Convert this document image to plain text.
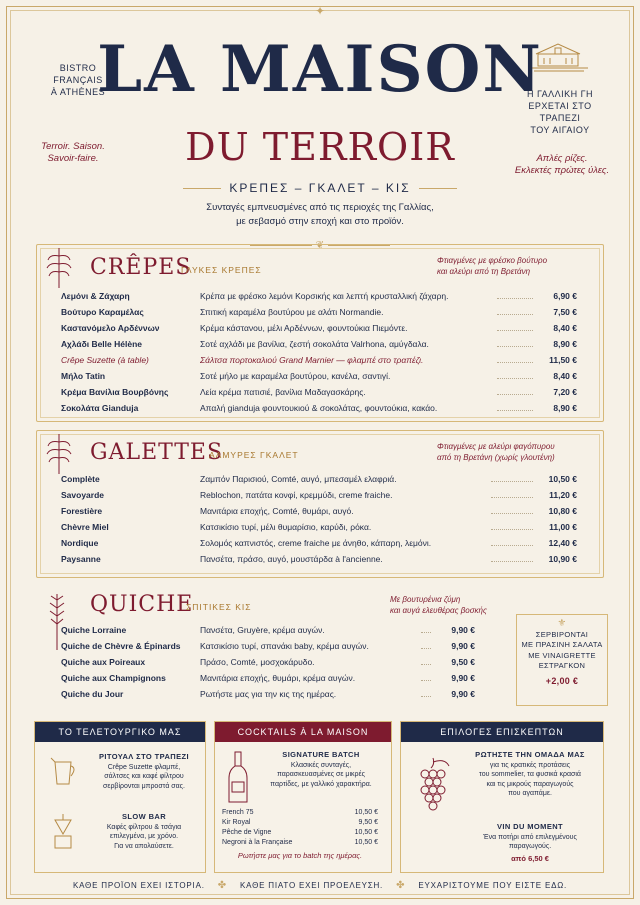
✦
BISTRO
FRANÇAIS
À ATHÈNES
Terroir. Saison.
Savoir-faire.
Η ΓΑΛΛΙΚΗ ΓΗ
ΕΡΧΕΤΑΙ ΣΤΟ ΤΡΑΠΕΖΙ
ΤΟΥ ΑΙΓΑΙΟΥ
Απλές ρίζες.
Εκλεκτές πρώτες ύλες.
LA MAISON
DU TERROIR
ΚΡΕΠΕΣ – ΓΚΑΛΕΤ – ΚΙΣ
Συνταγές εμπνευσμένες από τις περιοχές της Γαλλίας,
με σεβασμό στην εποχή και στο προϊόν.
❦
CRÊPES
ΓΛΥΚΕΣ ΚΡΕΠΕΣ
Φτιαγμένες με φρέσκο βούτυρο
και αλεύρι από τη Βρετάνη
Λεμόνι & Ζάχαρη	Κρέπα με φρέσκο λεμόνι Κορσικής και λεπτή κρυσταλλική ζάχαρη.	6,90 €
Βούτυρο Καραμέλας	Σπιτική καραμέλα βουτύρου με αλάτι Normandie.	7,50 €
Καστανόμελο Αρδέννων	Κρέμα κάστανου, μέλι Αρδέννων, φουντούκια Πιεμόντε.	8,40 €
Αχλάδι Belle Hélène	Σοτέ αχλάδι με βανίλια, ζεστή σοκολάτα Valrhona, αμύγδαλα.	8,90 €
Crêpe Suzette (à table)	Σάλτσα πορτοκαλιού Grand Marnier — φλαμπέ στο τραπέζι.	11,50 €
Μήλο Tatin	Σοτέ μήλο με καραμέλα βουτύρου, κανέλα, σαντιγί.	8,40 €
Κρέμα Βανίλια Βουρβόνης	Λεία κρέμα πατισιέ, βανίλια Μαδαγασκάρης.	7,20 €
Σοκολάτα Gianduja	Απαλή gianduja φουντουκιού & σοκολάτας, φουντούκια, κακάο.	8,90 €
GALETTES
ΑΛΜΥΡΕΣ ΓΚΑΛΕΤ
Φτιαγμένες με αλεύρι φαγόπυρου
από τη Βρετάνη (χωρίς γλουτένη)
Complète	Ζαμπόν Παρισιού, Comté, αυγό, μπεσαμέλ ελαφριά.	10,50 €
Savoyarde	Reblochon, πατάτα κονφί, κρεμμύδι, creme fraiche.	11,20 €
Forestière	Μανιτάρια εποχής, Comté, θυμάρι, αυγό.	10,80 €
Chèvre Miel	Κατσικίσιο τυρί, μέλι θυμαρίσιο, καρύδι, ρόκα.	11,00 €
Nordique	Σολομός καπνιστός, creme fraiche με άνηθο, κάπαρη, λεμόνι.	12,40 €
Paysanne	Πανσέτα, πράσο, αυγό, μουστάρδα à l'ancienne.	10,90 €
QUICHE
ΣΠΙΤΙΚΕΣ ΚΙΣ
Με βουτυρένια ζύμη
και αυγά ελευθέρας βοσκής
Quiche Lorraine	Πανσέτα, Gruyère, κρέμα αυγών.	9,90 €
Quiche de Chèvre & Épinards Κατσικίσιο τυρί, σπανάκι baby, κρέμα αυγών.	9,90 €
Quiche aux Poireaux	Πράσο, Comté, μοσχοκάρυδο.	9,50 €
Quiche aux Champignons	Μανιτάρια εποχής, θυμάρι, κρέμα αυγών.	9,90 €
Quiche du Jour	Ρωτήστε μας για την κις της ημέρας.	9,90 €
⚜
ΣΕΡΒΙΡΟΝΤΑΙ
ΜΕ ΠΡΑΣΙΝΗ ΣΑΛΑΤΑ
ΜΕ VINAIGRETTE
ΕΣΤΡΑΓΚΟΝ
+2,00 €
ΤΟ ΤΕΛΕΤΟΥΡΓΙΚΟ ΜΑΣ
ΡΙΤΟΥΑΛ ΣΤΟ ΤΡΑΠΕΖΙ
Crêpe Suzette φλαμπέ,
σάλτσες και καφέ φίλτρου
σερβίρονται μπροστά σας.
SLOW BAR
Καφές φίλτρου & τσάγια
επιλεγμένα, με χρόνο.
Για να απολαύσετε.
COCKTAILS À LA MAISON
SIGNATURE BATCH
Κλασικές συνταγές,
παρασκευασμένες σε μικρές
παρτίδες, με γαλλικό χαρακτήρα.
French 75	10,50 €
Kir Royal	9,50 €
Pêche de Vigne	10,50 €
Negroni à la Française	10,50 €
Ρωτήστε μας για το batch της ημέρας.
ΕΠΙΛΟΓΕΣ ΕΠΙΣΚΕΠΤΩΝ
ΡΩΤΗΣΤΕ ΤΗΝ ΟΜΑΔΑ ΜΑΣ
για τις κρατικές προτάσεις
του sommelier, τα φυσικά κρασιά
και τις μικρούς παραγωγούς
που αγαπάμε.
VIN DU MOMENT
Ένα ποτήρι από επιλεγμένους
παραγωγούς.
από 6,50 €
ΚΑΘΕ ΠΡΟΪΟΝ ΕΧΕΙ ΙΣΤΟΡΙΑ. ✤ ΚΑΘΕ ΠΙΑΤΟ ΕΧΕΙ ΠΡΟΕΛΕΥΣΗ. ✤ ΕΥΧΑΡΙΣΤΟΥΜΕ ΠΟΥ ΕΙΣΤΕ ΕΔΩ.
